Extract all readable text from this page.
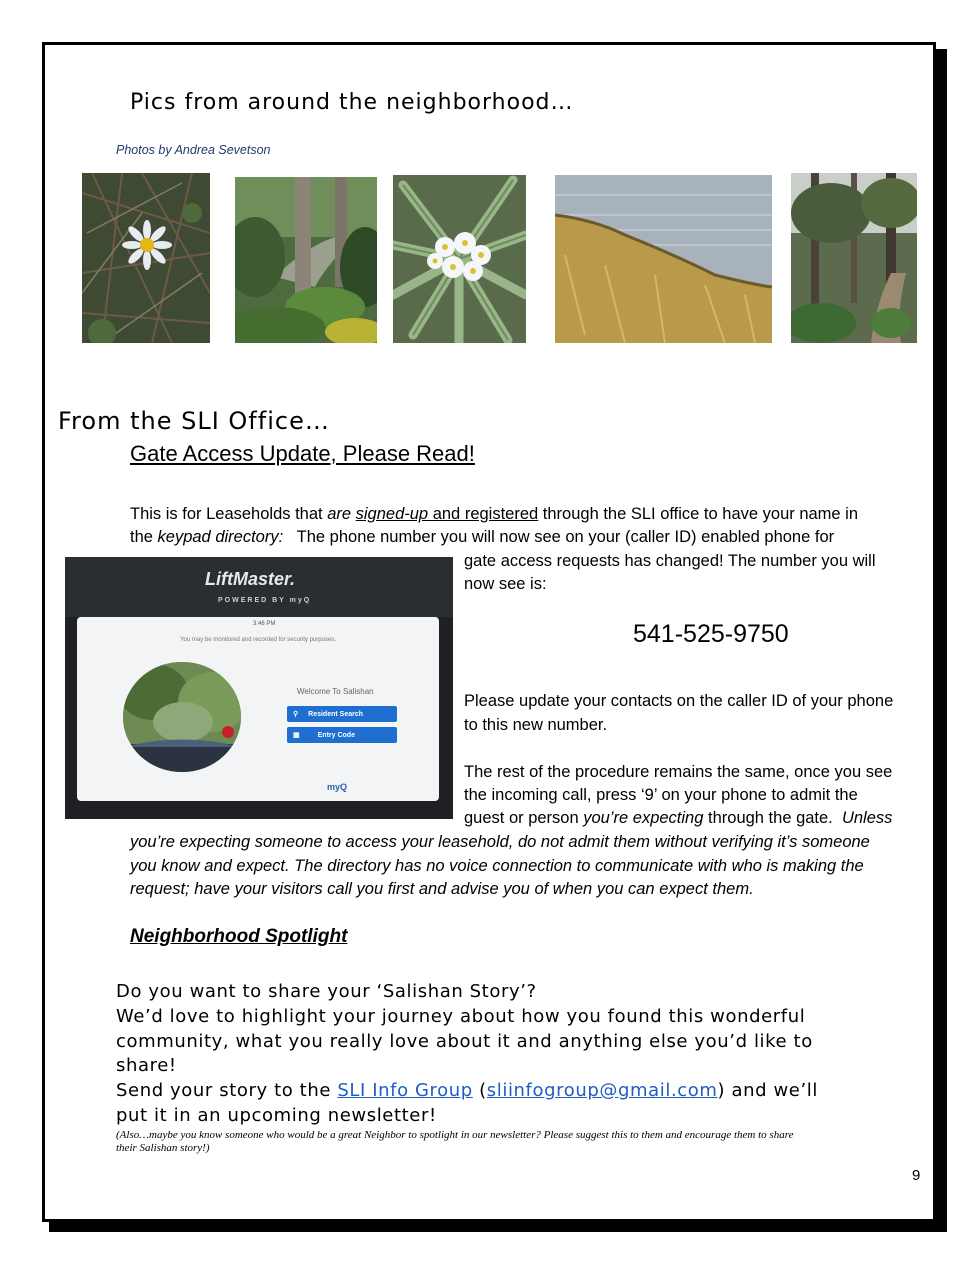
Pics from around the neighborhood…
Photos by Andrea Sevetson
From the SLI Office…
Gate Access Update, Please Read!
This is for Leaseholds that are signed-up and registered through the SLI office to have your name in
the keypad directory:   The phone number you will now see on your (caller ID) enabled phone for
gate access requests has changed! The number you will
now see is:
541-525-9750
Please update your contacts on the caller ID of your phone
to this new number.
The rest of the procedure remains the same, once you see
the incoming call, press ‘9’ on your phone to admit the
guest or person you’re expecting through the gate.  Unless
you’re expecting someone to access your leasehold, do not admit them without verifying it’s someone
you know and expect. The directory has no voice connection to communicate with who is making the
request; have your visitors call you first and advise you of when you can expect them.
LiftMaster.
POWERED BY myQ
3:46 PM
You may be monitored and recorded for security purposes.
Welcome To Salishan
⚲ Resident Search
▦	Entry Code
myQ
Neighborhood Spotlight
Do you want to share your ‘Salishan Story’?
We’d love to highlight your journey about how you found this wonderful
community, what you really love about it and anything else you’d like to
share!
Send your story to the SLI Info Group (sliinfogroup@gmail.com) and we’ll
put it in an upcoming newsletter!
(Also…maybe you know someone who would be a great Neighbor to spotlight in our newsletter? Please suggest this to them and encourage them to share
their Salishan story!)
9
